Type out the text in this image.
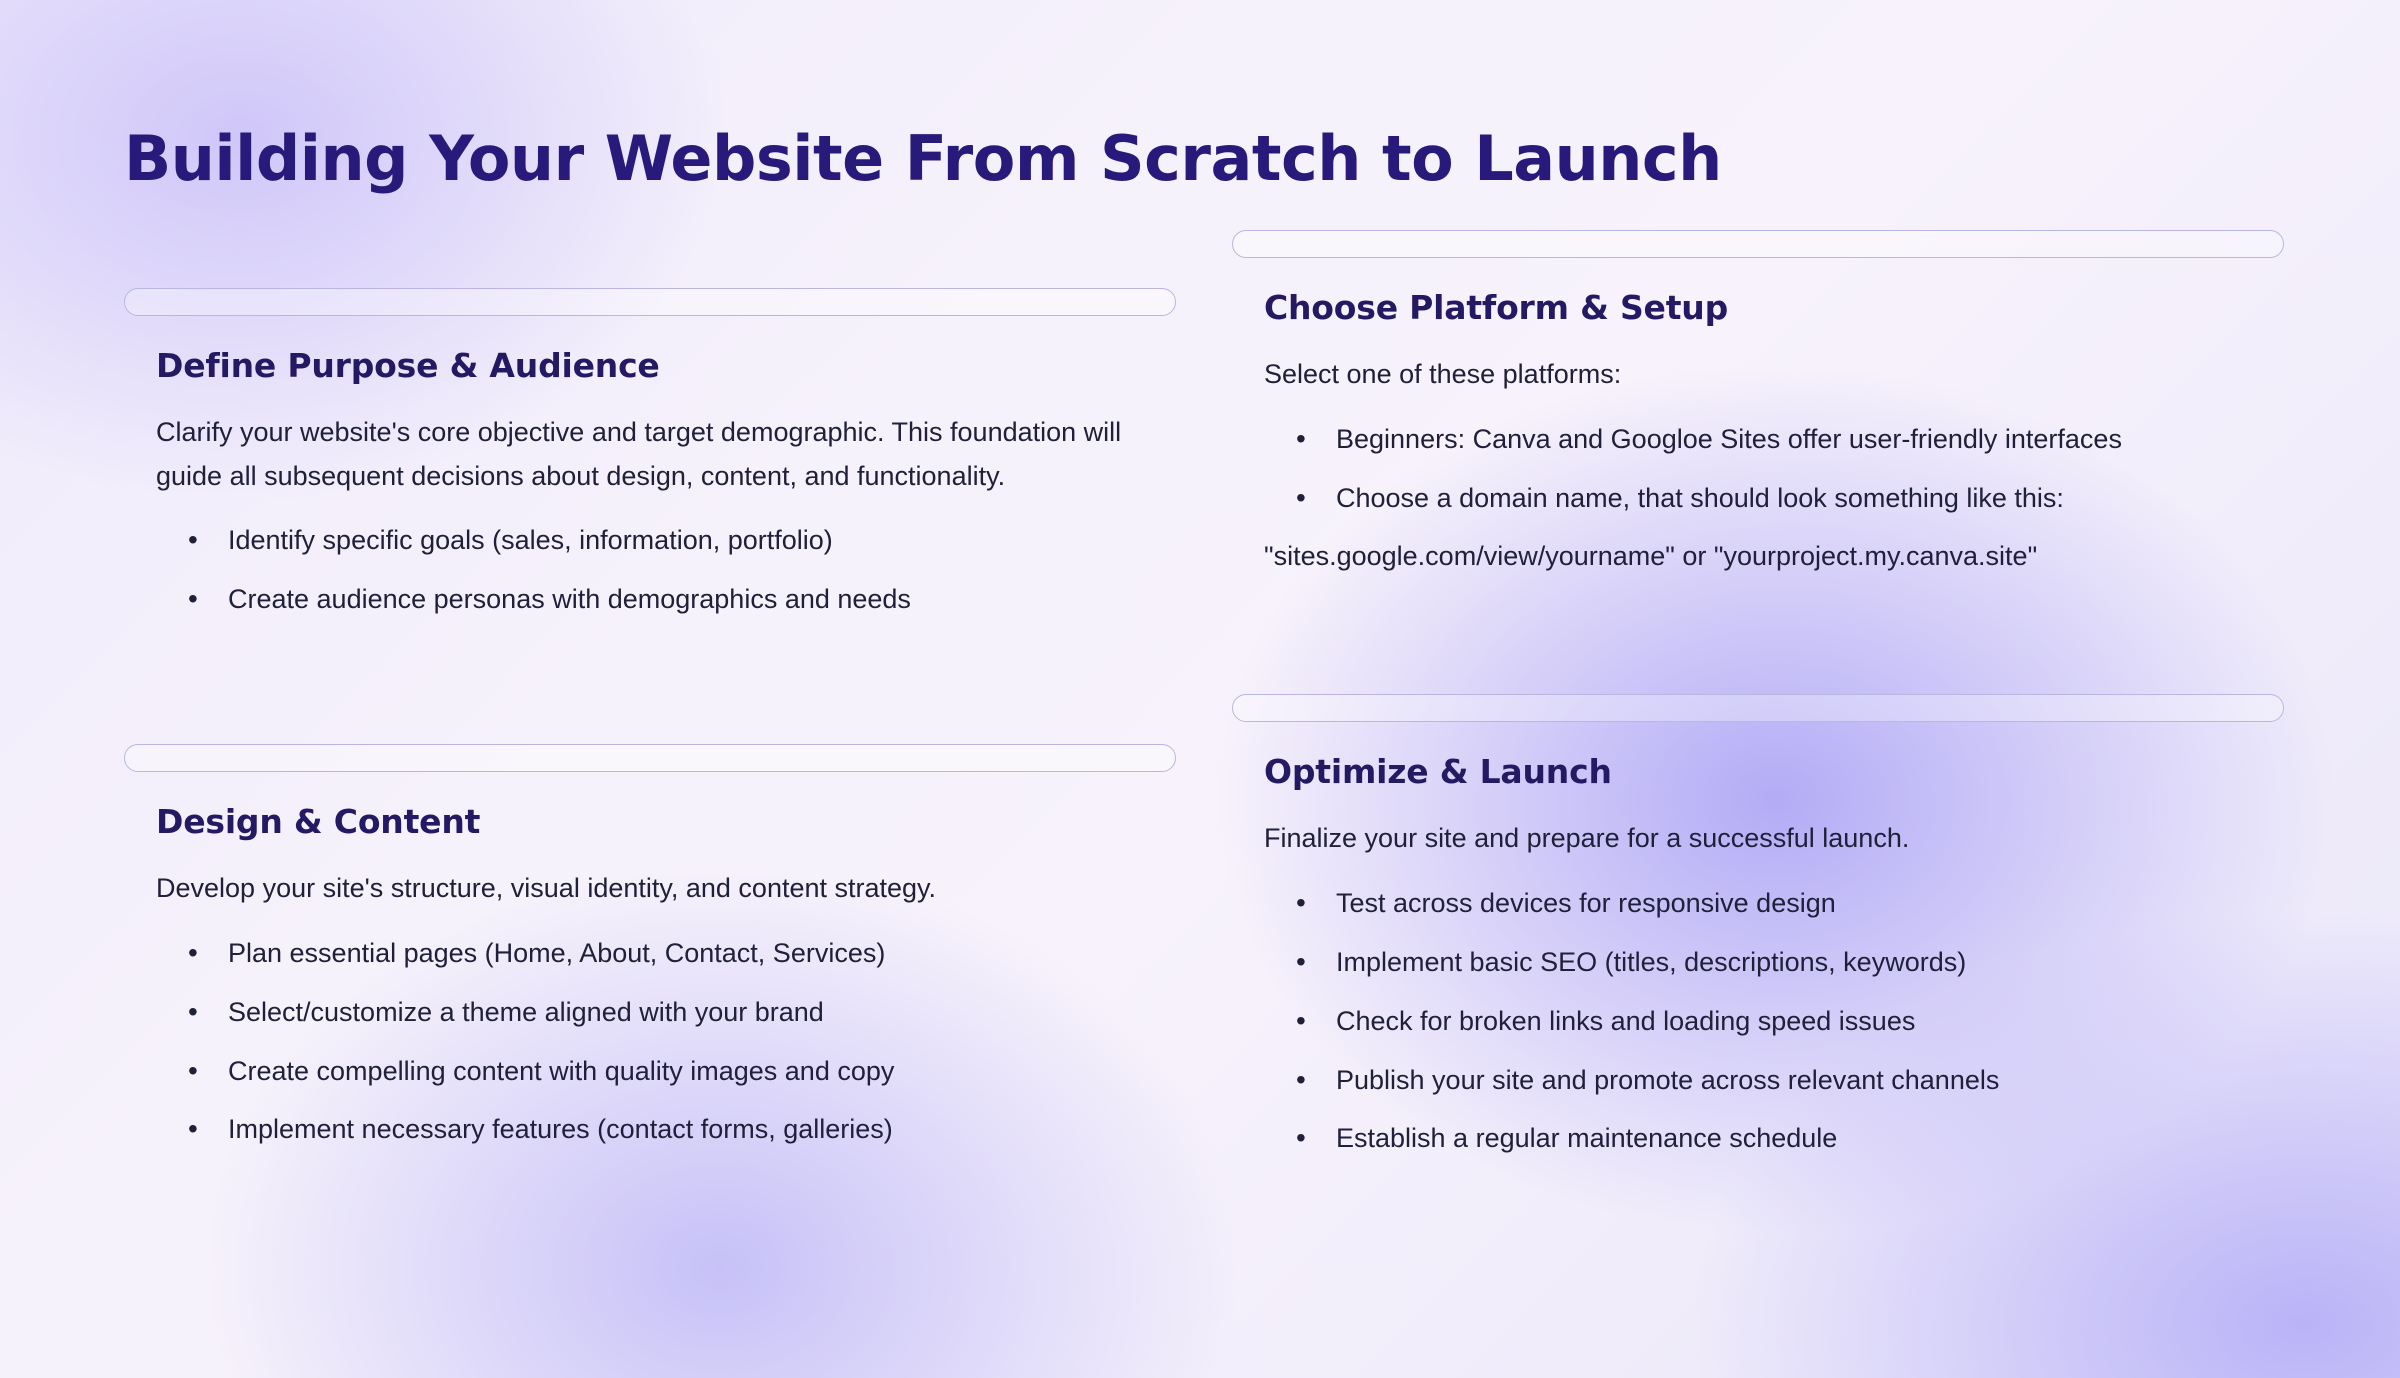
Building Your Website From Scratch to Launch
Define Purpose & Audience

Clarify your website's core objective and target demographic. This foundation will guide all subsequent decisions about design, content, and functionality.

• Identify specific goals (sales, information, portfolio)
• Create audience personas with demographics and needs
Design & Content

Develop your site's structure, visual identity, and content strategy.

• Plan essential pages (Home, About, Contact, Services)
• Select/customize a theme aligned with your brand
• Create compelling content with quality images and copy
• Implement necessary features (contact forms, galleries)
Choose Platform & Setup

Select one of these platforms:

• Beginners: Canva and Googloe Sites offer user-friendly interfaces
• Choose a domain name, that should look something like this:

"sites.google.com/view/yourname" or "yourproject.my.canva.site"

Optimize & Launch

Finalize your site and prepare for a successful launch.

• Test across devices for responsive design
• Implement basic SEO (titles, descriptions, keywords)
• Check for broken links and loading speed issues
• Publish your site and promote across relevant channels
• Establish a regular maintenance schedule
